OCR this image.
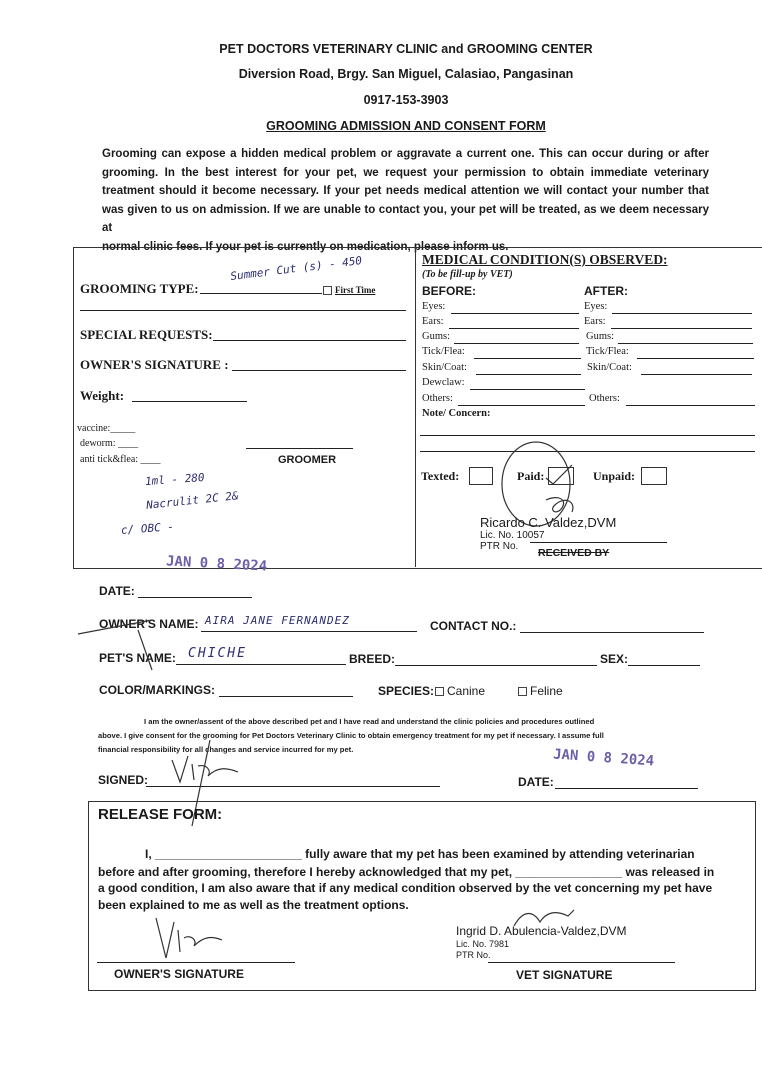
PET DOCTORS VETERINARY CLINIC and GROOMING CENTER
Diversion Road, Brgy. San Miguel, Calasiao, Pangasinan
0917-153-3903
GROOMING ADMISSION AND CONSENT FORM
Grooming can expose a hidden medical problem or aggravate a current one. This can occur during or after
grooming. In the best interest for your pet, we request your permission to obtain immediate veterinary
treatment should it become necessary. If your pet needs medical attention we will contact your number that
was given to us on admission. If we are unable to contact you, your pet will be treated, as we deem necessary at
normal clinic fees. If your pet is currently on medication, please inform us.
GROOMING TYPE:
Summer Cut (s) - 450
First Time
SPECIAL REQUESTS:
OWNER'S SIGNATURE :
Weight:
vaccine:_____
deworm: ____
anti tick&flea: ____	GROOMER
1ml - 280
Nacrulit 2C 2&
c/ OBC -
MEDICAL CONDITION(S) OBSERVED:
(To be fill-up by VET)
BEFORE:	AFTER:
Eyes:	Eyes:
Ears:	Ears:
Gums:	Gums:
Tick/Flea:	Tick/Flea:
Skin/Coat:	Skin/Coat:
Dewclaw:
Others:	Others:
Note/ Concern:
Texted:	Paid:	Unpaid:
Ricardo C. Valdez,DVM
Lic. No. 10057
PTR No.
RECEIVED BY
JAN 0 8 2024
DATE:
OWNER'S NAME: AIRA JANE FERNANDEZ	CONTACT NO.:
PET'S NAME: CHICHE	BREED:	SEX:
COLOR/MARKINGS:	SPECIES:	Canine	Feline
I am the owner/assent of the above described pet and I have read and understand the clinic policies and procedures outlined
above. I give consent for the grooming for Pet Doctors Veterinary Clinic to obtain emergency treatment for my pet if necessary. I assume full
financial responsibility for all changes and service incurred for my pet.	JAN 0 8 2024
SIGNED:	DATE:
RELEASE FORM:
I, ______________________ fully aware that my pet has been examined by attending veterinarian
before and after grooming, therefore I hereby acknowledged that my pet, ________________ was released in
a good condition, I am also aware that if any medical condition observed by the vet concerning my pet have
been explained to me as well as the treatment options.
OWNER'S SIGNATURE
Ingrid D. Abulencia-Valdez,DVM
Lic. No. 7981
PTR No.
VET SIGNATURE
